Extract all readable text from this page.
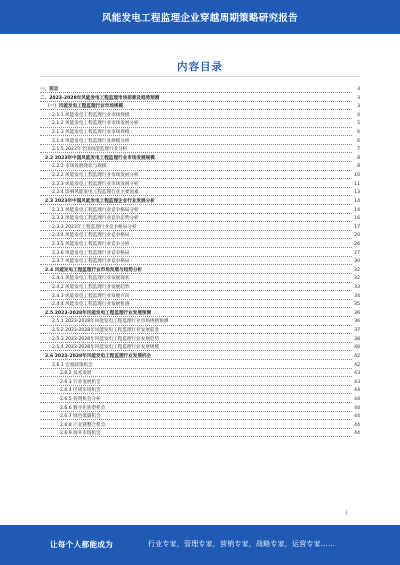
风能发电工程监理企业穿越周期策略研究报告
内容目录
一、前言	3
二、2023-2028年风能发电工程监理市场前景及趋势预测	3
（一）风能发电工程监理行业市场规模	3
2.1.1 风能发电工程监理行业市场规模	4
2.1.2 风能发电工程监理行业市场发展分析	5
2.1.3 风能发电工程监理行业市场规模	6
2.1.4 风能发电工程监理行业规模分析	6
2.1.5 2023年全国风能监理行业分析	7
2.2 2023年中国风能发电工程监理行业市场发展规模	8
2.2.1 市场发展现状与规模	8
2.2.2 风能发电工程监理行业市场发展分析	10
2.2.3 风能发电工程监理行业市场发展分析	11
2.2.4 影响风能发电工程监理行业主要因素	13
2.3 2023年中国风能发电工程监理企业行业发展分析	14
2.3.1 风能发电工程监理行业竞争格局分析	14
2.3.2 风能发电工程监理行业竞争态势分析	16
2.3.3 2023年工程监理行业竞争格局分析	17
2.3.4 风能发电工程监理行业竞争格局	20
2.3.5 风能发电工程监理行业竞争分析	26
2.3.6 风能发电工程监理行业竞争格局	27
2.3.7 风能发电工程监理行业竞争格局	30
2.4 风能发电工程监理行业市场发展与趋势分析	32
2.4.1 风能发电工程监理行业发展现状	32
2.4.2 风能发电工程监理行业发展趋势	33
2.4.3 风能发电工程监理行业发展方向	34
2.4.4 风能发电工程监理行业发展机遇	35
2.5 2023-2028年风能发电工程监理行业发展预测	36
2.5.1 2023-2028年风能发电工程监理行业市场规模预测	36
2.5.2 2023-2028年风能发电工程监理行业发展前景	37
2.5.3 2023-2028年风能发电工程监理行业发展趋势	38
2.5.4 2023-2028年风能发电工程监理行业发展规模	40
2.6 2023-2028年风能发电工程监理行业发展机会	42
2.6.1 宏观政策机会	42
2.6.2 技术发展	43
2.6.3 行业发展机会	43
2.6.4 区域市场机会	44
2.6.5 投资机会分析	44
2.6.6 数字化转型机会	44
2.6.7 绿色低碳机会	44
2.6.8 产业链整合机会	44
2.6.9 海外市场机会	44
1
让每个人都能成为	行业专家，管理专家，营销专家，战略专家，运营专家……
